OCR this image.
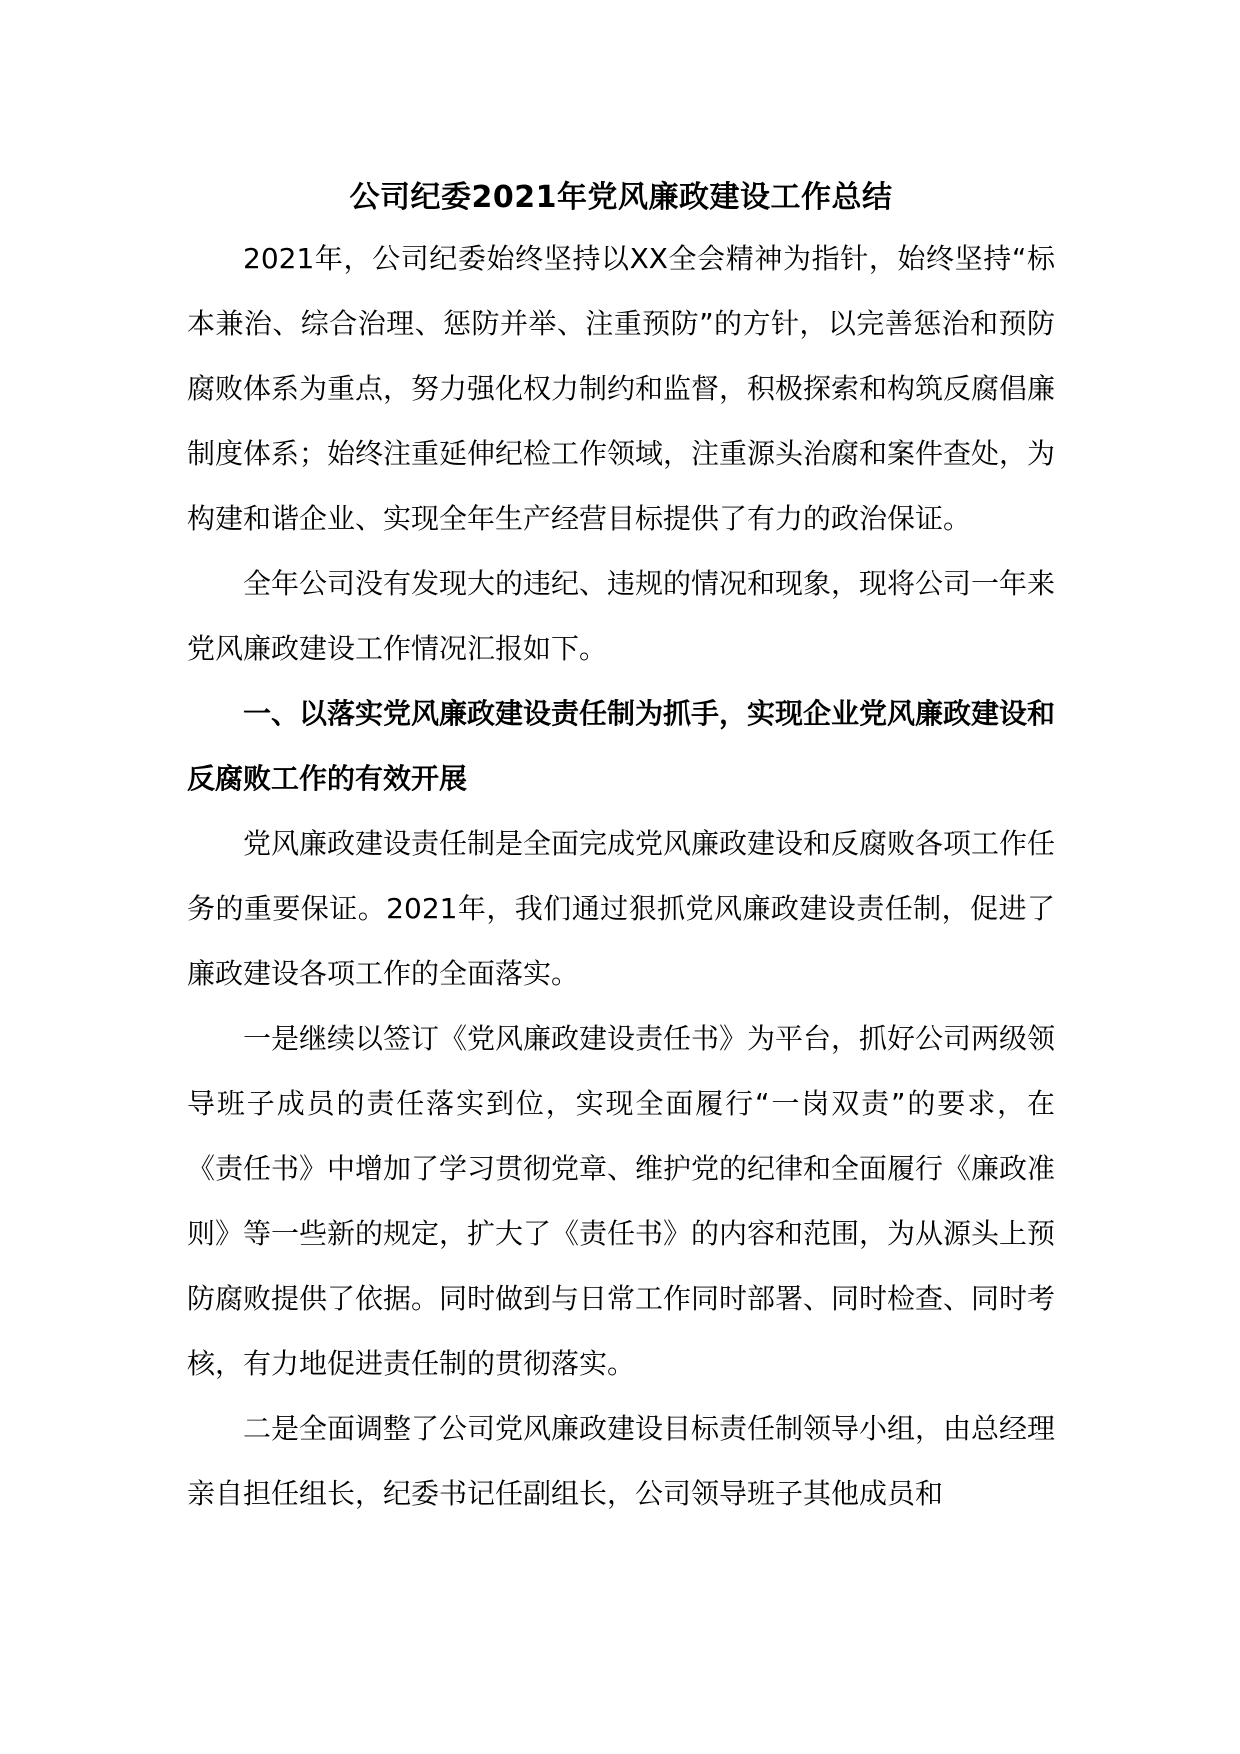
公司纪委2021年党风廉政建设工作总结

2021年，公司纪委始终坚持以XX全会精神为指针，始终坚持“标本兼治、综合治理、惩防并举、注重预防”的方针，以完善惩治和预防腐败体系为重点，努力强化权力制约和监督，积极探索和构筑反腐倡廉制度体系；始终注重延伸纪检工作领域，注重源头治腐和案件查处，为构建和谐企业、实现全年生产经营目标提供了有力的政治保证。

全年公司没有发现大的违纪、违规的情况和现象，现将公司一年来党风廉政建设工作情况汇报如下。

一、以落实党风廉政建设责任制为抓手，实现企业党风廉政建设和反腐败工作的有效开展

党风廉政建设责任制是全面完成党风廉政建设和反腐败各项工作任务的重要保证。2021年，我们通过狠抓党风廉政建设责任制，促进了廉政建设各项工作的全面落实。

一是继续以签订《党风廉政建设责任书》为平台，抓好公司两级领导班子成员的责任落实到位，实现全面履行“一岗双责”的要求，在《责任书》中增加了学习贯彻党章、维护党的纪律和全面履行《廉政准则》等一些新的规定，扩大了《责任书》的内容和范围，为从源头上预防腐败提供了依据。同时做到与日常工作同时部署、同时检查、同时考核，有力地促进责任制的贯彻落实。

二是全面调整了公司党风廉政建设目标责任制领导小组，由总经理亲自担任组长，纪委书记任副组长，公司领导班子其他成员和
